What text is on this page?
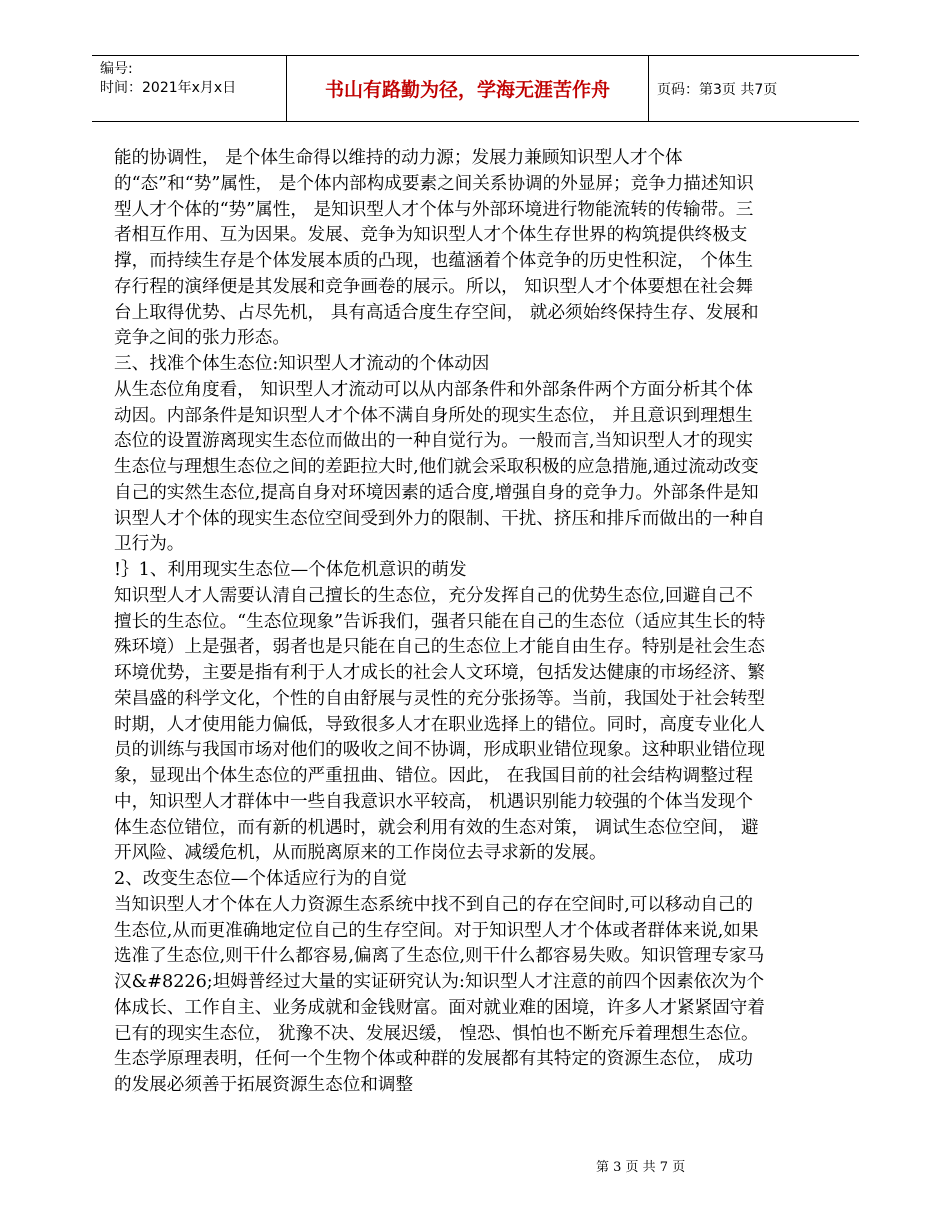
编号:
时间：2021年x月x日	书山有路勤为径，学海无涯苦作舟	页码：第3页 共7页

能的协调性， 是个体生命得以维持的动力源；发展力兼顾知识型人才个体的“态”和“势”属性， 是个体内部构成要素之间关系协调的外显屏；竞争力描述知识型人才个体的“势”属性， 是知识型人才个体与外部环境进行物能流转的传输带。三者相互作用、互为因果。发展、竞争为知识型人才个体生存世界的构筑提供终极支撑，而持续生存是个体发展本质的凸现，也蕴涵着个体竞争的历史性积淀， 个体生存行程的演绎便是其发展和竞争画卷的展示。所以， 知识型人才个体要想在社会舞台上取得优势、占尽先机， 具有高适合度生存空间， 就必须始终保持生存、发展和竞争之间的张力形态。

三、找准个体生态位:知识型人才流动的个体动因

从生态位角度看， 知识型人才流动可以从内部条件和外部条件两个方面分析其个体动因。内部条件是知识型人才个体不满自身所处的现实生态位， 并且意识到理想生态位的设置游离现实生态位而做出的一种自觉行为。一般而言,当知识型人才的现实生态位与理想生态位之间的差距拉大时,他们就会采取积极的应急措施,通过流动改变自己的实然生态位,提高自身对环境因素的适合度,增强自身的竞争力。外部条件是知识型人才个体的现实生态位空间受到外力的限制、干扰、挤压和排斥而做出的一种自卫行为。

!｝1、利用现实生态位—个体危机意识的萌发

知识型人才人需要认清自己擅长的生态位，充分发挥自己的优势生态位,回避自己不擅长的生态位。“生态位现象”告诉我们，强者只能在自己的生态位（适应其生长的特殊环境）上是强者，弱者也是只能在自己的生态位上才能自由生存。特别是社会生态环境优势，主要是指有利于人才成长的社会人文环境，包括发达健康的市场经济、繁荣昌盛的科学文化，个性的自由舒展与灵性的充分张扬等。当前，我国处于社会转型时期，人才使用能力偏低，导致很多人才在职业选择上的错位。同时，高度专业化人员的训练与我国市场对他们的吸收之间不协调，形成职业错位现象。这种职业错位现象，显现出个体生态位的严重扭曲、错位。因此， 在我国目前的社会结构调整过程中，知识型人才群体中一些自我意识水平较高， 机遇识别能力较强的个体当发现个体生态位错位，而有新的机遇时，就会利用有效的生态对策， 调试生态位空间， 避开风险、减缓危机，从而脱离原来的工作岗位去寻求新的发展。

2、改变生态位—个体适应行为的自觉

当知识型人才个体在人力资源生态系统中找不到自己的存在空间时,可以移动自己的生态位,从而更准确地定位自己的生存空间。对于知识型人才个体或者群体来说,如果选准了生态位,则干什么都容易,偏离了生态位,则干什么都容易失败。知识管理专家马汉&#8226;坦姆普经过大量的实证研究认为:知识型人才注意的前四个因素依次为个体成长、工作自主、业务成就和金钱财富。面对就业难的困境，许多人才紧紧固守着已有的现实生态位， 犹豫不决、发展迟缓， 惶恐、惧怕也不断充斥着理想生态位。生态学原理表明，任何一个生物个体或种群的发展都有其特定的资源生态位， 成功的发展必须善于拓展资源生态位和调整

第 3 页 共 7 页
